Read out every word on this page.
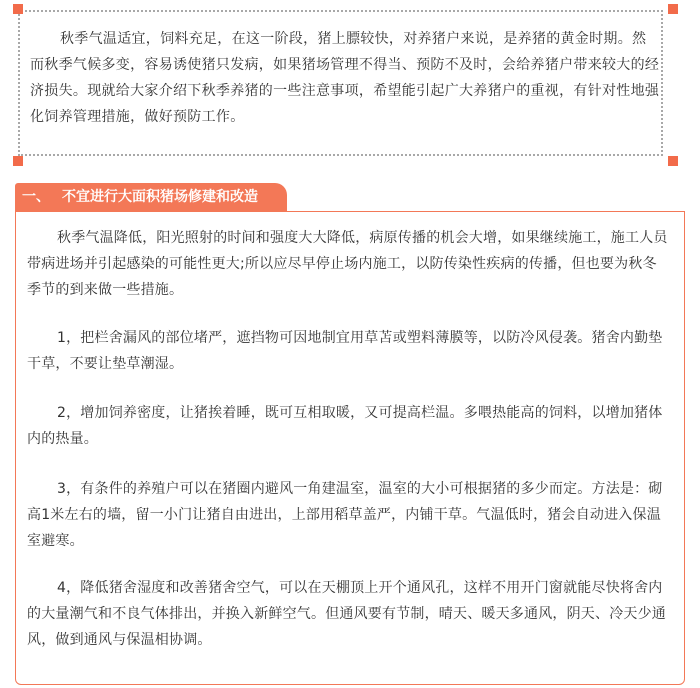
秋季气温适宜，饲料充足，在这一阶段，猪上膘较快，对养猪户来说，是养猪的黄金时期。然而秋季气候多变，容易诱使猪只发病，如果猪场管理不得当、预防不及时，会给养猪户带来较大的经济损失。现就给大家介绍下秋季养猪的一些注意事项，希望能引起广大养猪户的重视，有针对性地强化饲养管理措施，做好预防工作。

一、 不宜进行大面积猪场修建和改造

秋季气温降低，阳光照射的时间和强度大大降低，病原传播的机会大增，如果继续施工，施工人员带病进场并引起感染的可能性更大;所以应尽早停止场内施工，以防传染性疾病的传播，但也要为秋冬季节的到来做一些措施。

1，把栏舍漏风的部位堵严，遮挡物可因地制宜用草苫或塑料薄膜等，以防冷风侵袭。猪舍内勤垫干草，不要让垫草潮湿。

2，增加饲养密度，让猪挨着睡，既可互相取暖，又可提高栏温。多喂热能高的饲料，以增加猪体内的热量。

3，有条件的养殖户可以在猪圈内避风一角建温室，温室的大小可根据猪的多少而定。方法是：砌高1米左右的墙，留一小门让猪自由进出，上部用稻草盖严，内铺干草。气温低时，猪会自动进入保温室避寒。

4，降低猪舍湿度和改善猪舍空气，可以在天棚顶上开个通风孔，这样不用开门窗就能尽快将舍内的大量潮气和不良气体排出，并换入新鲜空气。但通风要有节制，晴天、暖天多通风，阴天、冷天少通风，做到通风与保温相协调。
